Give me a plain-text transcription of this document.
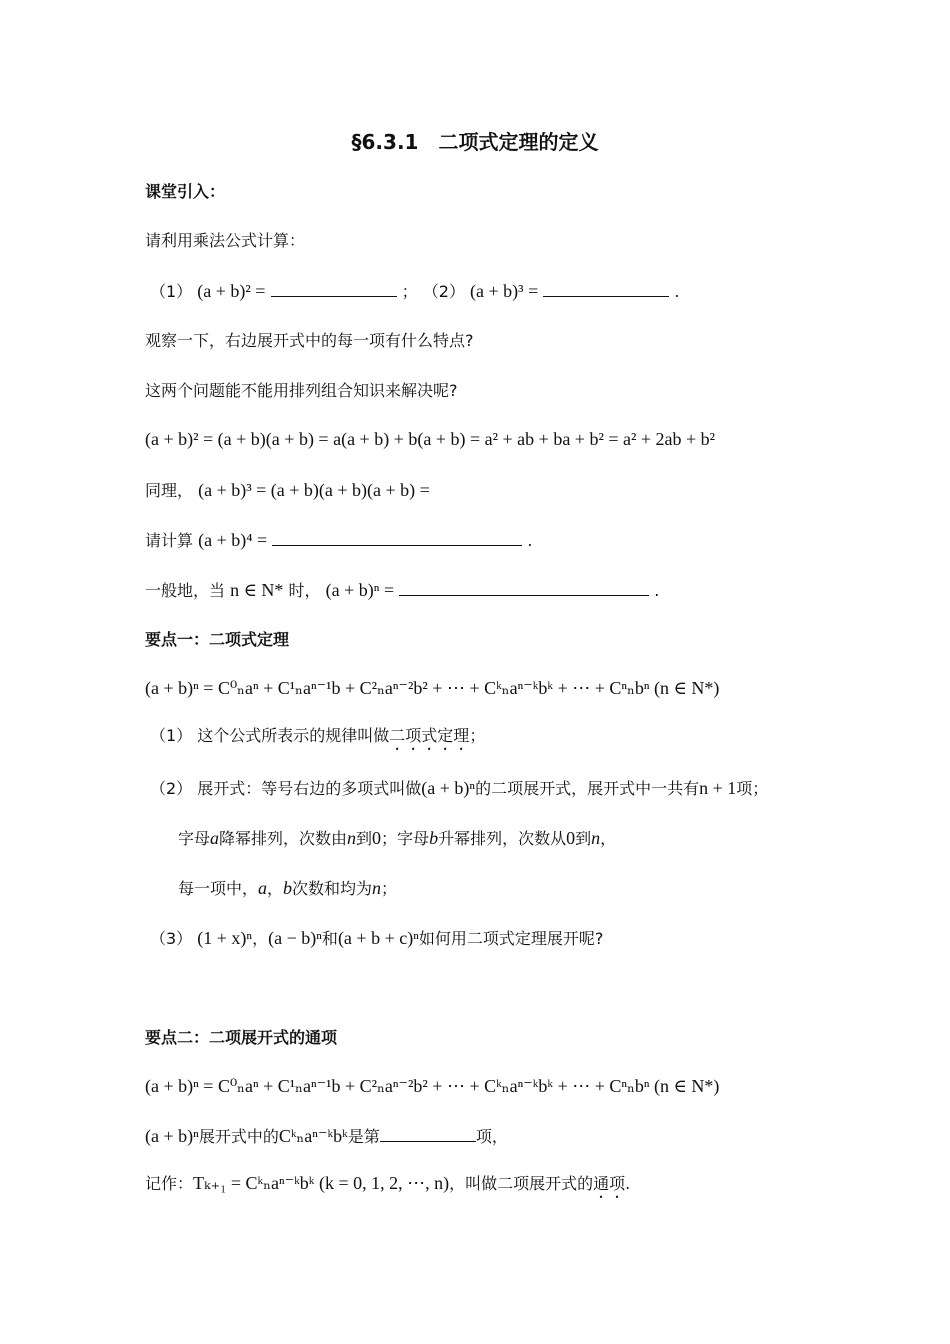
§6.3.1　二项式定理的定义
课堂引入：
请利用乘法公式计算：
（1） (a + b)² =	； （2） (a + b)³ =	.
观察一下，右边展开式中的每一项有什么特点?
这两个问题能不能用排列组合知识来解决呢?
(a + b)² = (a + b)(a + b) = a(a + b) + b(a + b) = a² + ab + ba + b² = a² + 2ab + b²
同理， (a + b)³ = (a + b)(a + b)(a + b) =
请计算 (a + b)⁴ =	.
一般地，当 n ∈ N* 时， (a + b)ⁿ =	.
要点一：二项式定理
(a + b)ⁿ = C⁰ₙaⁿ + C¹ₙaⁿ⁻¹b + C²ₙaⁿ⁻²b² + ⋯ + Cᵏₙaⁿ⁻ᵏbᵏ + ⋯ + Cⁿₙbⁿ (n ∈ N*)
（1） 这个公式所表示的规律叫做二项式定理；
（2） 展开式：等号右边的多项式叫做(a + b)ⁿ的二项展开式，展开式中一共有n + 1项；
字母a降幂排列，次数由n到0；字母b升幂排列，次数从0到n，
每一项中，a，b次数和均为n；
（3） (1 + x)ⁿ，(a − b)ⁿ和(a + b + c)ⁿ如何用二项式定理展开呢?
要点二：二项展开式的通项
(a + b)ⁿ = C⁰ₙaⁿ + C¹ₙaⁿ⁻¹b + C²ₙaⁿ⁻²b² + ⋯ + Cᵏₙaⁿ⁻ᵏbᵏ + ⋯ + Cⁿₙbⁿ (n ∈ N*)
(a + b)ⁿ展开式中的Cᵏₙaⁿ⁻ᵏbᵏ是第	项，
记作：Tₖ₊₁ = Cᵏₙaⁿ⁻ᵏbᵏ (k = 0, 1, 2, ⋯, n)，叫做二项展开式的通项.
